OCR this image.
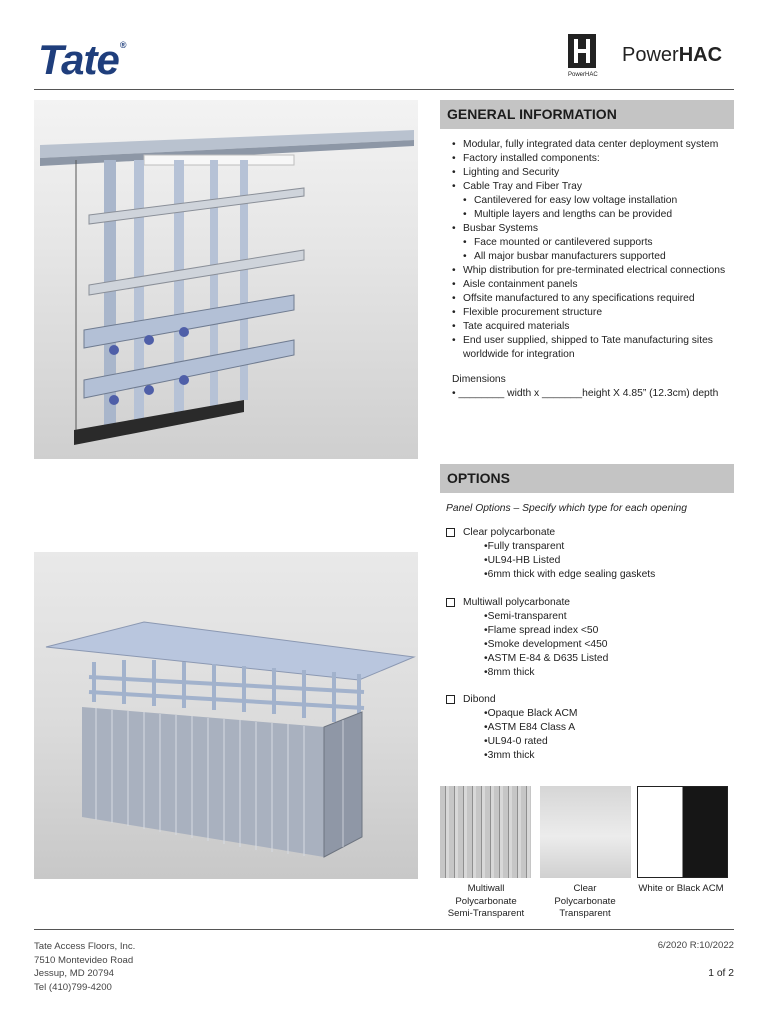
Tate®
PowerHAC
PowerHAC
GENERAL INFORMATION
• Modular, fully integrated data center deployment system
• Factory installed components:
• Lighting and Security
• Cable Tray and Fiber Tray
• Cantilevered for easy low voltage installation
• Multiple layers and lengths can be provided
• Busbar Systems
• Face mounted or cantilevered supports
• All major busbar manufacturers supported
• Whip distribution for pre-terminated electrical connections
• Aisle containment panels
• Offsite manufactured to any specifications required
• Flexible procurement structure
• Tate acquired materials
• End user supplied, shipped to Tate manufacturing sites worldwide for integration
Dimensions
• ________ width x _______height X 4.85” (12.3cm) depth
OPTIONS
Panel Options – Specify which type for each opening
Clear polycarbonate
• Fully transparent
• UL94-HB Listed
• 6mm thick with edge sealing gaskets
Multiwall polycarbonate
• Semi-transparent
• Flame spread index <50
• Smoke development <450
• ASTM E-84 & D635 Listed
• 8mm thick
Dibond
• Opaque Black ACM
• ASTM E84 Class A
• UL94-0 rated
• 3mm thick
Multiwall
Polycarbonate
Semi-Transparent
Clear
Polycarbonate
Transparent
White or Black ACM
Tate Access Floors, Inc.
7510 Montevideo Road
Jessup, MD 20794
Tel (410)799-4200
6/2020 R:10/2022
1 of 2
